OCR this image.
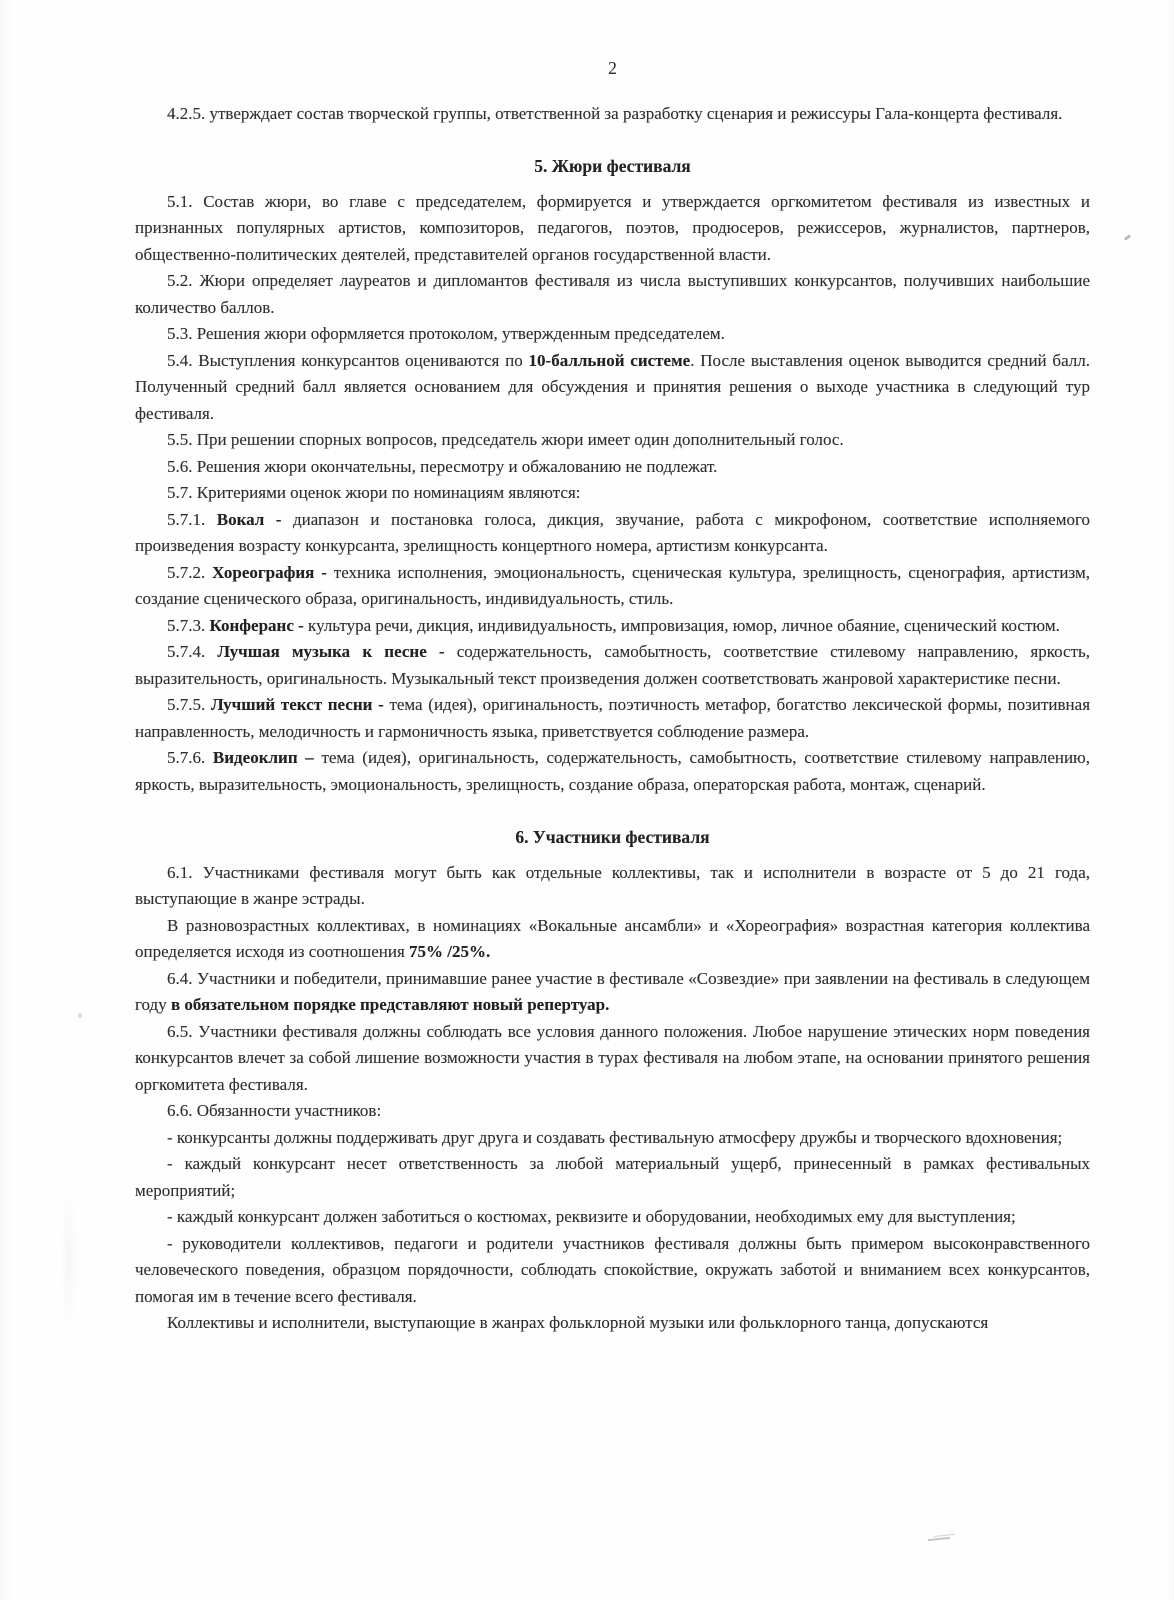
2

4.2.5. утверждает состав творческой группы, ответственной за разработку сценария и режиссуры Гала-концерта фестиваля.

5. Жюри фестиваля

5.1. Состав жюри, во главе с председателем, формируется и утверждается оргкомитетом фестиваля из известных и признанных популярных артистов, композиторов, педагогов, поэтов, продюсеров, режиссеров, журналистов, партнеров, общественно-политических деятелей, представителей органов государственной власти.

5.2. Жюри определяет лауреатов и дипломантов фестиваля из числа выступивших конкурсантов, получивших наибольшие количество баллов.

5.3. Решения жюри оформляется протоколом, утвержденным председателем.

5.4. Выступления конкурсантов оцениваются по 10-балльной системе. После выставления оценок выводится средний балл. Полученный средний балл является основанием для обсуждения и принятия решения о выходе участника в следующий тур фестиваля.

5.5. При решении спорных вопросов, председатель жюри имеет один дополнительный голос.

5.6. Решения жюри окончательны, пересмотру и обжалованию не подлежат.

5.7. Критериями оценок жюри по номинациям являются:

5.7.1. Вокал - диапазон и постановка голоса, дикция, звучание, работа с микрофоном, соответствие исполняемого произведения возрасту конкурсанта, зрелищность концертного номера, артистизм конкурсанта.

5.7.2. Хореография - техника исполнения, эмоциональность, сценическая культура, зрелищность, сценография, артистизм, создание сценического образа, оригинальность, индивидуальность, стиль.

5.7.3. Конферанс - культура речи, дикция, индивидуальность, импровизация, юмор, личное обаяние, сценический костюм.

5.7.4. Лучшая музыка к песне - содержательность, самобытность, соответствие стилевому направлению, яркость, выразительность, оригинальность. Музыкальный текст произведения должен соответствовать жанровой характеристике песни.

5.7.5. Лучший текст песни - тема (идея), оригинальность, поэтичность метафор, богатство лексической формы, позитивная направленность, мелодичность и гармоничность языка, приветствуется соблюдение размера.

5.7.6. Видеоклип – тема (идея), оригинальность, содержательность, самобытность, соответствие стилевому направлению, яркость, выразительность, эмоциональность, зрелищность, создание образа, операторская работа, монтаж, сценарий.

6. Участники фестиваля

6.1. Участниками фестиваля могут быть как отдельные коллективы, так и исполнители в возрасте от 5 до 21 года, выступающие в жанре эстрады.

В разновозрастных коллективах, в номинациях «Вокальные ансамбли» и «Хореография» возрастная категория коллектива определяется исходя из соотношения 75% /25%.

6.4. Участники и победители, принимавшие ранее участие в фестивале «Созвездие» при заявлении на фестиваль в следующем году в обязательном порядке представляют новый репертуар.

6.5. Участники фестиваля должны соблюдать все условия данного положения. Любое нарушение этических норм поведения конкурсантов влечет за собой лишение возможности участия в турах фестиваля на любом этапе, на основании принятого решения оргкомитета фестиваля.

6.6. Обязанности участников:

- конкурсанты должны поддерживать друг друга и создавать фестивальную атмосферу дружбы и творческого вдохновения;

- каждый конкурсант несет ответственность за любой материальный ущерб, принесенный в рамках фестивальных мероприятий;

- каждый конкурсант должен заботиться о костюмах, реквизите и оборудовании, необходимых ему для выступления;

- руководители коллективов, педагоги и родители участников фестиваля должны быть примером высоконравственного человеческого поведения, образцом порядочности, соблюдать спокойствие, окружать заботой и вниманием всех конкурсантов, помогая им в течение всего фестиваля.

Коллективы и исполнители, выступающие в жанрах фольклорной музыки или фольклорного танца, допускаются
